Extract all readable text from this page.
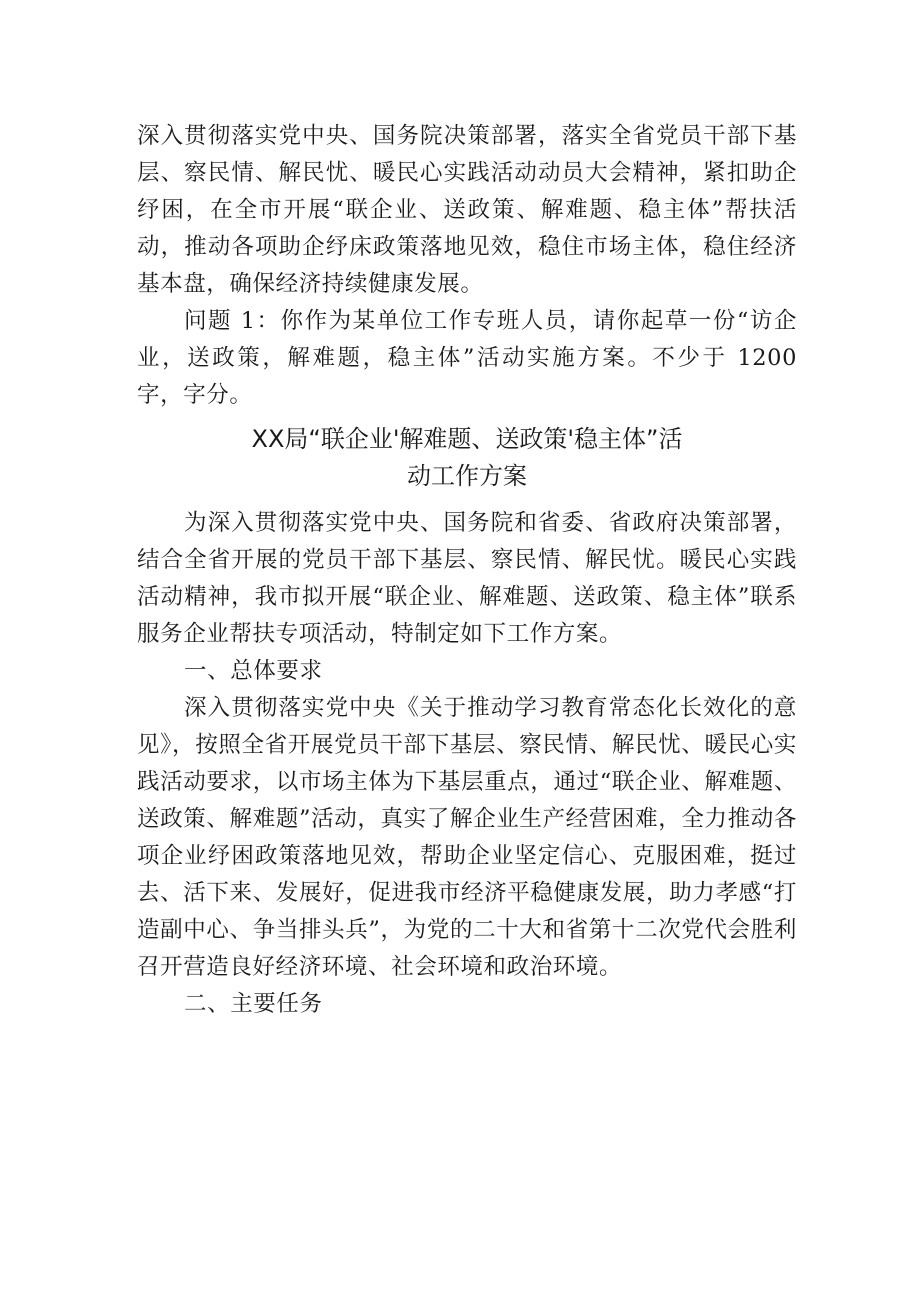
深入贯彻落实党中央、国务院决策部署，落实全省党员干部下基层、察民情、解民忧、暖民心实践活动动员大会精神，紧扣助企纾困，在全市开展“联企业、送政策、解难题、稳主体”帮扶活动，推动各项助企纾床政策落地见效，稳住市场主体，稳住经济基本盘，确保经济持续健康发展。

问题 1：你作为某单位工作专班人员，请你起草一份“访企业，送政策，解难题，稳主体”活动实施方案。不少于 1200 字，字分。

XX局“联企业'解难题、送政策'稳主体”活
动工作方案

为深入贯彻落实党中央、国务院和省委、省政府决策部署，结合全省开展的党员干部下基层、察民情、解民忧。暖民心实践活动精神，我市拟开展“联企业、解难题、送政策、稳主体”联系服务企业帮扶专项活动，特制定如下工作方案。

一、总体要求

深入贯彻落实党中央《关于推动学习教育常态化长效化的意见》，按照全省开展党员干部下基层、察民情、解民忧、暖民心实践活动要求，以市场主体为下基层重点，通过“联企业、解难题、送政策、解难题”活动，真实了解企业生产经营困难，全力推动各项企业纾困政策落地见效，帮助企业坚定信心、克服困难，挺过去、活下来、发展好，促进我市经济平稳健康发展，助力孝感“打造副中心、争当排头兵”，为党的二十大和省第十二次党代会胜利召开营造良好经济环境、社会环境和政治环境。

二、主要任务
